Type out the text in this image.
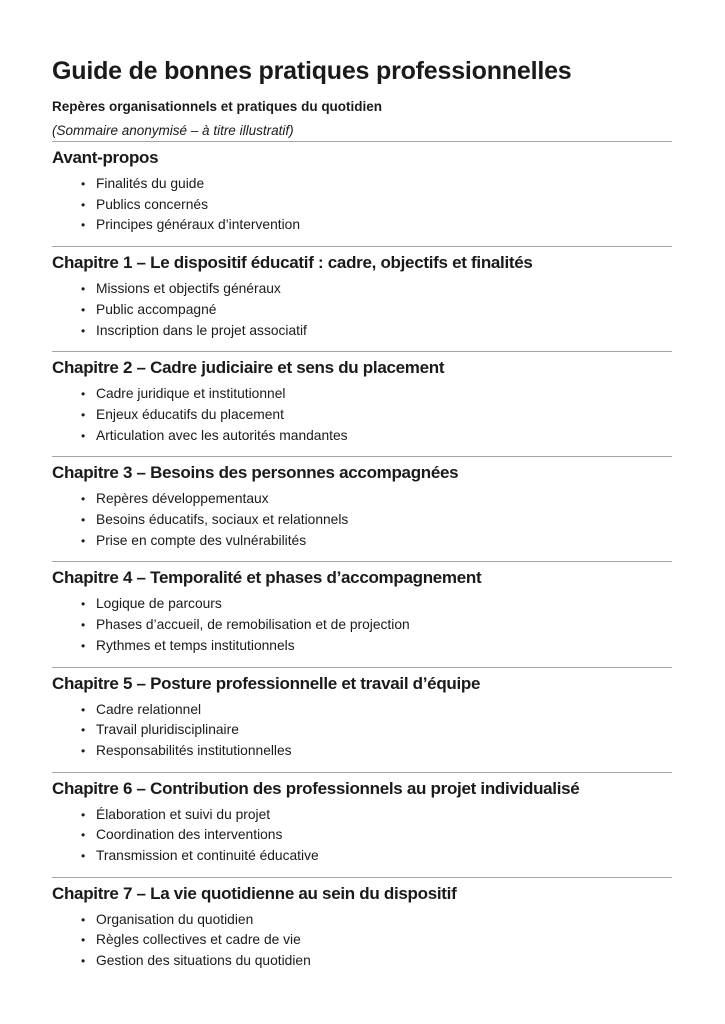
Guide de bonnes pratiques professionnelles

Repères organisationnels et pratiques du quotidien

(Sommaire anonymisé – à titre illustratif)

Avant-propos
• Finalités du guide
• Publics concernés
• Principes généraux d’intervention
Chapitre 1 – Le dispositif éducatif : cadre, objectifs et finalités
• Missions et objectifs généraux
• Public accompagné
• Inscription dans le projet associatif
Chapitre 2 – Cadre judiciaire et sens du placement
• Cadre juridique et institutionnel
• Enjeux éducatifs du placement
• Articulation avec les autorités mandantes
Chapitre 3 – Besoins des personnes accompagnées
• Repères développementaux
• Besoins éducatifs, sociaux et relationnels
• Prise en compte des vulnérabilités
Chapitre 4 – Temporalité et phases d’accompagnement
• Logique de parcours
• Phases d’accueil, de remobilisation et de projection
• Rythmes et temps institutionnels
Chapitre 5 – Posture professionnelle et travail d’équipe
• Cadre relationnel
• Travail pluridisciplinaire
• Responsabilités institutionnelles
Chapitre 6 – Contribution des professionnels au projet individualisé
• Élaboration et suivi du projet
• Coordination des interventions
• Transmission et continuité éducative
Chapitre 7 – La vie quotidienne au sein du dispositif
• Organisation du quotidien
• Règles collectives et cadre de vie
• Gestion des situations du quotidien
